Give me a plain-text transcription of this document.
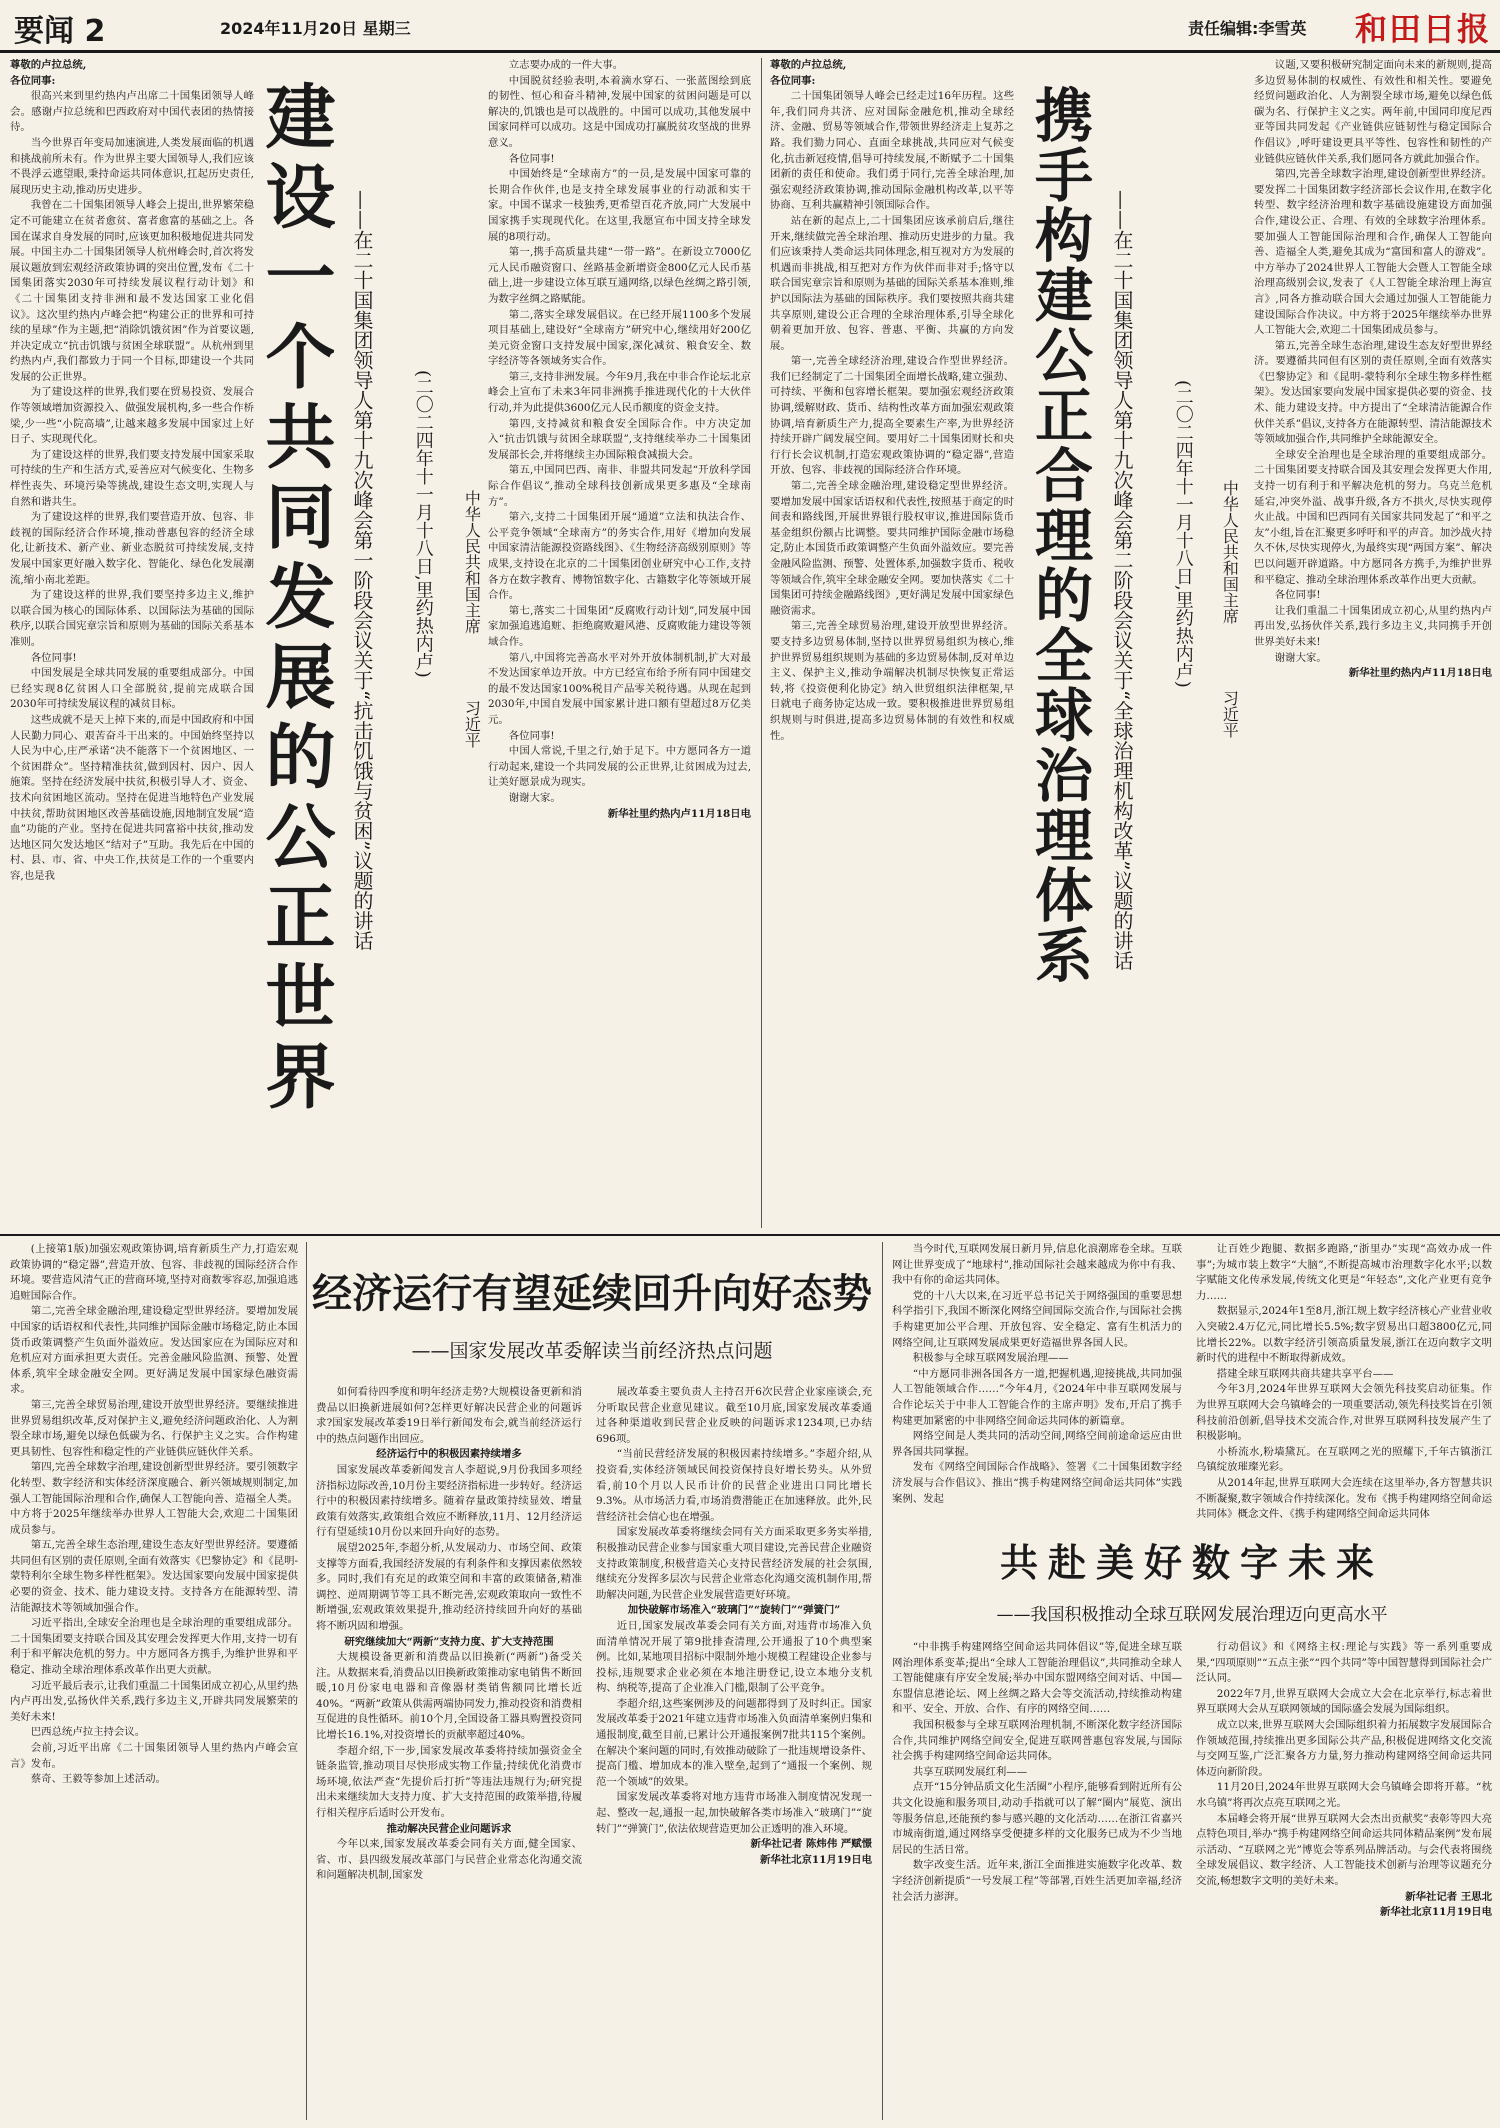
要闻 2	2024年11月20日 星期三	责任编辑:李雪英 和田日报
建设一个共同发展的公正世界 ——在二十国集团领导人第十九次峰会第一阶段会议关于“抗击饥饿与贫困”议题的讲话 (二〇二四年十一月十八日,里约热内卢) 中华人民共和国主席
习近平

尊敬的卢拉总统,

各位同事:

很高兴来到里约热内卢出席二十国集团领导人峰会。感谢卢拉总统和巴西政府对中国代表团的热情接待。

当今世界百年变局加速演进,人类发展面临的机遇和挑战前所未有。作为世界主要大国领导人,我们应该不畏浮云遮望眼,秉持命运共同体意识,扛起历史责任,展现历史主动,推动历史进步。

我曾在二十国集团领导人峰会上提出,世界繁荣稳定不可能建立在贫者愈贫、富者愈富的基础之上。各国在谋求自身发展的同时,应该更加积极地促进共同发展。中国主办二十国集团领导人杭州峰会时,首次将发展议题放到宏观经济政策协调的突出位置,发布《二十国集团落实2030年可持续发展议程行动计划》和《二十国集团支持非洲和最不发达国家工业化倡议》。这次里约热内卢峰会把“构建公正的世界和可持续的星球”作为主题,把“消除饥饿贫困”作为首要议题,并决定成立“抗击饥饿与贫困全球联盟”。从杭州到里约热内卢,我们都致力于同一个目标,即建设一个共同发展的公正世界。

为了建设这样的世界,我们要在贸易投资、发展合作等领域增加资源投入、做强发展机构,多一些合作桥梁,少一些“小院高墙”,让越来越多发展中国家过上好日子、实现现代化。

为了建设这样的世界,我们要支持发展中国家采取可持续的生产和生活方式,妥善应对气候变化、生物多样性丧失、环境污染等挑战,建设生态文明,实现人与自然和谐共生。

为了建设这样的世界,我们要营造开放、包容、非歧视的国际经济合作环境,推动普惠包容的经济全球化,让新技术、新产业、新业态脱贫可持续发展,支持发展中国家更好融入数字化、智能化、绿色化发展潮流,缩小南北差距。

为了建设这样的世界,我们要坚持多边主义,维护以联合国为核心的国际体系、以国际法为基础的国际秩序,以联合国宪章宗旨和原则为基础的国际关系基本准则。

各位同事!

中国发展是全球共同发展的重要组成部分。中国已经实现8亿贫困人口全部脱贫,提前完成联合国2030年可持续发展议程的减贫目标。

这些成就不是天上掉下来的,而是中国政府和中国人民勤力同心、艰苦奋斗干出来的。中国始终坚持以人民为中心,庄严承诺“决不能落下一个贫困地区、一个贫困群众”。坚持精准扶贫,做到因村、因户、因人施策。坚持在经济发展中扶贫,积极引导人才、资金、技术向贫困地区流动。坚持在促进当地特色产业发展中扶贫,帮助贫困地区改善基础设施,因地制宜发展“造血”功能的产业。坚持在促进共同富裕中扶贫,推动发达地区同欠发达地区“结对子”互助。我先后在中国的村、县、市、省、中央工作,扶贫是工作的一个重要内容,也是我

立志要办成的一件大事。

中国脱贫经验表明,本着滴水穿石、一张蓝图绘到底的韧性、恒心和奋斗精神,发展中国家的贫困问题是可以解决的,饥饿也是可以战胜的。中国可以成功,其他发展中国家同样可以成功。这是中国成功打赢脱贫攻坚战的世界意义。

各位同事!

中国始终是“全球南方”的一员,是发展中国家可靠的长期合作伙伴,也是支持全球发展事业的行动派和实干家。中国不谋求一枝独秀,更希望百花齐放,同广大发展中国家携手实现现代化。在这里,我愿宣布中国支持全球发展的8项行动。

第一,携手高质量共建“一带一路”。在新设立7000亿元人民币融资窗口、丝路基金新增资金800亿元人民币基础上,进一步建设立体互联互通网络,以绿色丝绸之路引领,为数字丝绸之路赋能。

第二,落实全球发展倡议。在已经开展1100多个发展项目基础上,建设好“全球南方”研究中心,继续用好200亿美元资金窗口支持发展中国家,深化减贫、粮食安全、数字经济等各领域务实合作。

第三,支持非洲发展。今年9月,我在中非合作论坛北京峰会上宣布了未来3年同非洲携手推进现代化的十大伙伴行动,并为此提供3600亿元人民币额度的资金支持。

第四,支持减贫和粮食安全国际合作。中方决定加入“抗击饥饿与贫困全球联盟”,支持继续举办二十国集团发展部长会,并将继续主办国际粮食减损大会。

第五,中国同巴西、南非、非盟共同发起“开放科学国际合作倡议”,推动全球科技创新成果更多惠及“全球南方”。

第六,支持二十国集团开展“通道”立法和执法合作、公平竞争领域“全球南方”的务实合作,用好《增加向发展中国家清洁能源投资路线图》、《生物经济高级别原则》等成果,支持设在北京的二十国集团创业研究中心工作,支持各方在数字教育、博物馆数字化、古籍数字化等领域开展合作。

第七,落实二十国集团“反腐败行动计划”,同发展中国家加强追逃追赃、拒绝腐败避风港、反腐败能力建设等领域合作。

第八,中国将完善高水平对外开放体制机制,扩大对最不发达国家单边开放。中方已经宣布给予所有同中国建交的最不发达国家100%税目产品零关税待遇。从现在起到2030年,中国自发展中国家累计进口额有望超过8万亿美元。

各位同事!

中国人常说,千里之行,始于足下。中方愿同各方一道行动起来,建设一个共同发展的公正世界,让贫困成为过去,让美好愿景成为现实。

谢谢大家。

新华社里约热内卢11月18日电

尊敬的卢拉总统,

各位同事:

二十国集团领导人峰会已经走过16年历程。这些年,我们同舟共济、应对国际金融危机,推动全球经济、金融、贸易等领域合作,带领世界经济走上复苏之路。我们勠力同心、直面全球挑战,共同应对气候变化,抗击新冠疫情,倡导可持续发展,不断赋予二十国集团新的责任和使命。我们勇于同行,完善全球治理,加强宏观经济政策协调,推动国际金融机构改革,以平等协商、互利共赢精神引领国际合作。

站在新的起点上,二十国集团应该承前启后,继往开来,继续做完善全球治理、推动历史进步的力量。我们应该秉持人类命运共同体理念,相互视对方为发展的机遇而非挑战,相互把对方作为伙伴而非对手;恪守以联合国宪章宗旨和原则为基础的国际关系基本准则,维护以国际法为基础的国际秩序。我们要按照共商共建共享原则,建设公正合理的全球治理体系,引导全球化朝着更加开放、包容、普惠、平衡、共赢的方向发展。

第一,完善全球经济治理,建设合作型世界经济。我们已经制定了二十国集团全面增长战略,建立强劲、可持续、平衡和包容增长框架。要加强宏观经济政策协调,缓解财政、货币、结构性改革方面加强宏观政策协调,培育新质生产力,提高全要素生产率,为世界经济持续开辟广阔发展空间。要用好二十国集团财长和央行行长会议机制,打造宏观政策协调的“稳定器”,营造开放、包容、非歧视的国际经济合作环境。

第二,完善全球金融治理,建设稳定型世界经济。要增加发展中国家话语权和代表性,按照基于商定的时间表和路线图,开展世界银行股权审议,推进国际货币基金组织份额占比调整。要共同维护国际金融市场稳定,防止本国货币政策调整产生负面外溢效应。要完善金融风险监测、预警、处置体系,加强数字货币、税收等领域合作,筑牢全球金融安全网。要加快落实《二十国集团可持续金融路线图》,更好满足发展中国家绿色融资需求。

第三,完善全球贸易治理,建设开放型世界经济。要支持多边贸易体制,坚持以世界贸易组织为核心,维护世界贸易组织规则为基础的多边贸易体制,反对单边主义、保护主义,推动争端解决机制尽快恢复正常运转,将《投资便利化协定》纳入世贸组织法律框架,早日就电子商务协定达成一致。要积极推进世界贸易组织规则与时俱进,提高多边贸易体制的有效性和权威性。	携手构建公正合理的全球治理体系 ——在二十国集团领导人第十九次峰会第二阶段会议关于“全球治理机构改革”议题的讲话 (二〇二四年十一月十八日,里约热内卢) 中华人民共和国主席
习近平

议题,又要积极研究制定面向未来的新规则,提高多边贸易体制的权威性、有效性和相关性。要避免经贸问题政治化、人为割裂全球市场,避免以绿色低碳为名、行保护主义之实。两年前,中国同印度尼西亚等国共同发起《产业链供应链韧性与稳定国际合作倡议》,呼吁建设更具平等性、包容性和韧性的产业链供应链伙伴关系,我们愿同各方就此加强合作。

第四,完善全球数字治理,建设创新型世界经济。要发挥二十国集团数字经济部长会议作用,在数字化转型、数字经济治理和数字基础设施建设方面加强合作,建设公正、合理、有效的全球数字治理体系。要加强人工智能国际治理和合作,确保人工智能向善、造福全人类,避免其成为“富国和富人的游戏”。中方举办了2024世界人工智能大会暨人工智能全球治理高级别会议,发表了《人工智能全球治理上海宣言》,同各方推动联合国大会通过加强人工智能能力建设国际合作决议。中方将于2025年继续举办世界人工智能大会,欢迎二十国集团成员参与。

第五,完善全球生态治理,建设生态友好型世界经济。要遵循共同但有区别的责任原则,全面有效落实《巴黎协定》和《昆明-蒙特利尔全球生物多样性框架》。发达国家要向发展中国家提供必要的资金、技术、能力建设支持。中方提出了“全球清洁能源合作伙伴关系”倡议,支持各方在能源转型、清洁能源技术等领域加强合作,共同维护全球能源安全。

全球安全治理也是全球治理的重要组成部分。二十国集团要支持联合国及其安理会发挥更大作用,支持一切有利于和平解决危机的努力。乌克兰危机延宕,冲突外溢、战事升级,各方不拱火,尽快实现停火止战。中国和巴西同有关国家共同发起了“和平之友”小组,旨在汇聚更多呼吁和平的声音。加沙战火持久不休,尽快实现停火,为最终实现“两国方案”、解决巴以问题开辟道路。中方愿同各方携手,为维护世界和平稳定、推动全球治理体系改革作出更大贡献。

各位同事!

让我们重温二十国集团成立初心,从里约热内卢再出发,弘扬伙伴关系,践行多边主义,共同携手开创世界美好未来!

谢谢大家。

新华社里约热内卢11月18日电

(上接第1版)加强宏观政策协调,培育新质生产力,打造宏观政策协调的“稳定器”,营造开放、包容、非歧视的国际经济合作环境。要营造风清气正的营商环境,坚持对商数零容忍,加强追逃追赃国际合作。

第二,完善全球金融治理,建设稳定型世界经济。要增加发展中国家的话语权和代表性,共同维护国际金融市场稳定,防止本国货币政策调整产生负面外溢效应。发达国家应在为国际应对和危机应对方面承担更大责任。完善金融风险监测、预警、处置体系,筑牢全球金融安全网。更好满足发展中国家绿色融资需求。

第三,完善全球贸易治理,建设开放型世界经济。要继续推进世界贸易组织改革,反对保护主义,避免经济问题政治化、人为割裂全球市场,避免以绿色低碳为名、行保护主义之实。合作构建更具韧性、包容性和稳定性的产业链供应链伙伴关系。

第四,完善全球数字治理,建设创新型世界经济。要引领数字化转型、数字经济和实体经济深度融合、新兴领域规则制定,加强人工智能国际治理和合作,确保人工智能向善、造福全人类。中方将于2025年继续举办世界人工智能大会,欢迎二十国集团成员参与。

第五,完善全球生态治理,建设生态友好型世界经济。要遵循共同但有区别的责任原则,全面有效落实《巴黎协定》和《昆明-蒙特利尔全球生物多样性框架》。发达国家要向发展中国家提供必要的资金、技术、能力建设支持。支持各方在能源转型、清洁能源技术等领域加强合作。

习近平指出,全球安全治理也是全球治理的重要组成部分。二十国集团要支持联合国及其安理会发挥更大作用,支持一切有利于和平解决危机的努力。中方愿同各方携手,为维护世界和平稳定、推动全球治理体系改革作出更大贡献。

习近平最后表示,让我们重温二十国集团成立初心,从里约热内卢再出发,弘扬伙伴关系,践行多边主义,开辟共同发展繁荣的美好未来!

巴西总统卢拉主持会议。

会前,习近平出席《二十国集团领导人里约热内卢峰会宣言》发布。

蔡奇、王毅等参加上述活动。

经济运行有望延续回升向好态势
——国家发展改革委解读当前经济热点问题

如何看待四季度和明年经济走势?大规模设备更新和消费品以旧换新进展如何?怎样更好解决民营企业的问题诉求?国家发展改革委19日举行新闻发布会,就当前经济运行中的热点问题作出回应。

经济运行中的积极因素持续增多

国家发展改革委新闻发言人李超说,9月份我国多项经济指标边际改善,10月份主要经济指标进一步转好。经济运行中的积极因素持续增多。随着存量政策持续显效、增量政策有效落实,政策组合效应不断释放,11月、12月经济运行有望延续10月份以来回升向好的态势。

展望2025年,李超分析,从发展动力、市场空间、政策支撑等方面看,我国经济发展的有利条件和支撑因素依然较多。同时,我们有充足的政策空间和丰富的政策储备,精准调控、逆周期调节等工具不断完善,宏观政策取向一致性不断增强,宏观政策效果提升,推动经济持续回升向好的基础将不断巩固和增强。

研究继续加大“两新”支持力度、扩大支持范围

大规模设备更新和消费品以旧换新(“两新”)备受关注。从数据来看,消费品以旧换新政策推动家电销售不断回暖,10月份家电电器和音像器材类销售额同比增长近40%。“两新”政策从供需两端协同发力,推动投资和消费相互促进的良性循环。前10个月,全国设备工器具购置投资同比增长16.1%,对投资增长的贡献率超过40%。

李超介绍,下一步,国家发展改革委将持续加强资金全链条监管,推动项目尽快形成实物工作量;持续优化消费市场环境,依法严查“先提价后打折”等违法违规行为;研究提出未来继续加大支持力度、扩大支持范围的政策举措,待履行相关程序后适时公开发布。

推动解决民营企业问题诉求

今年以来,国家发展改革委会同有关方面,健全国家、省、市、县四级发展改革部门与民营企业常态化沟通交流和问题解决机制,国家发

展改革委主要负责人主持召开6次民营企业家座谈会,充分听取民营企业意见建议。截至10月底,国家发展改革委通过各种渠道收到民营企业反映的问题诉求1234项,已办结696项。

“当前民营经济发展的积极因素持续增多。”李超介绍,从投资看,实体经济领域民间投资保持良好增长势头。从外贸看,前10个月以人民币计价的民营企业进出口同比增长9.3%。从市场活力看,市场消费潜能正在加速释放。此外,民营经济社会信心也在增强。

国家发展改革委将继续会同有关方面采取更多务实举措,积极推动民营企业参与国家重大项目建设,完善民营企业融资支持政策制度,积极营造关心支持民营经济发展的社会氛围,继续充分发挥多层次与民营企业常态化沟通交流机制作用,帮助解决问题,为民营企业发展营造更好环境。

加快破解市场准入“玻璃门”“旋转门”“弹簧门”

近日,国家发展改革委会同有关方面,对违背市场准入负面清单情况开展了第9批排查清理,公开通报了10个典型案例。比如,某地项目招标中限制外地小规模工程建设企业参与投标,违规要求企业必须在本地注册登记,设立本地分支机构、纳税等,提高了企业准入门槛,限制了公平竞争。

李超介绍,这些案例涉及的问题都得到了及时纠正。国家发展改革委于2021年建立违背市场准入负面清单案例归集和通报制度,截至目前,已累计公开通报案例7批共115个案例。在解决个案问题的同时,有效推动破除了一批违规增设条件、提高门槛、增加成本的准入壁垒,起到了“通报一个案例、规范一个领域”的效果。

国家发展改革委将对地方违背市场准入制度情况发现一起、整改一起,通报一起,加快破解各类市场准入“玻璃门”“旋转门”“弹簧门”,依法依规营造更加公正透明的准入环境。

新华社记者 陈炜伟 严赋憬

新华社北京11月19日电

当今时代,互联网发展日新月异,信息化浪潮席卷全球。互联网让世界变成了“地球村”,推动国际社会越来越成为你中有我、我中有你的命运共同体。

党的十八大以来,在习近平总书记关于网络强国的重要思想科学指引下,我国不断深化网络空间国际交流合作,与国际社会携手构建更加公平合理、开放包容、安全稳定、富有生机活力的网络空间,让互联网发展成果更好造福世界各国人民。

积极参与全球互联网发展治理——

“中方愿同非洲各国各方一道,把握机遇,迎接挑战,共同加强人工智能领域合作……”今年4月,《2024年中非互联网发展与合作论坛关于中非人工智能合作的主席声明》发布,开启了携手构建更加紧密的中非网络空间命运共同体的新篇章。

网络空间是人类共同的活动空间,网络空间前途命运应由世界各国共同掌握。

发布《网络空间国际合作战略》、签署《二十国集团数字经济发展与合作倡议》、推出“携手构建网络空间命运共同体”实践案例、发起

让百姓少跑腿、数据多跑路,“浙里办”实现“高效办成一件事”;为城市装上数字“大脑”,不断提高城市治理数字化水平;以数字赋能文化传承发展,传统文化更是“年轻态”,文化产业更有竞争力……

数据显示,2024年1至8月,浙江规上数字经济核心产业营业收入突破2.4万亿元,同比增长5.5%;数字贸易出口超3800亿元,同比增长22%。以数字经济引领高质量发展,浙江在迈向数字文明新时代的进程中不断取得新成效。

搭建全球互联网共商共建共享平台——

今年3月,2024年世界互联网大会领先科技奖启动征集。作为世界互联网大会乌镇峰会的一项重要活动,领先科技奖旨在引领科技前沿创新,倡导技术交流合作,对世界互联网科技发展产生了积极影响。

小桥流水,粉墙黛瓦。在互联网之光的照耀下,千年古镇浙江乌镇绽放璀璨光彩。

从2014年起,世界互联网大会连续在这里举办,各方智慧共识不断凝聚,数字领域合作持续深化。发布《携手构建网络空间命运共同体》概念文件、《携手构建网络空间命运共同体

共赴美好数字未来
——我国积极推动全球互联网发展治理迈向更高水平

“中非携手构建网络空间命运共同体倡议”等,促进全球互联网治理体系变革;提出“全球人工智能治理倡议”,共同推动全球人工智能健康有序安全发展;举办中国东盟网络空间对话、中国—东盟信息港论坛、网上丝绸之路大会等交流活动,持续推动构建和平、安全、开放、合作、有序的网络空间……

我国积极参与全球互联网治理机制,不断深化数字经济国际合作,共同维护网络空间安全,促进互联网普惠包容发展,与国际社会携手构建网络空间命运共同体。

共享互联网发展红利——

点开“15分钟品质文化生活圈”小程序,能够看到附近所有公共文化设施和服务项目,动动手指就可以了解“圈内”展览、演出等服务信息,还能预约参与感兴趣的文化活动……在浙江省嘉兴市城南街道,通过网络享受便捷多样的文化服务已成为不少当地居民的生活日常。

数字改变生活。近年来,浙江全面推进实施数字化改革、数字经济创新提质“一号发展工程”等部署,百姓生活更加幸福,经济社会活力澎湃。

行动倡议》和《网络主权:理论与实践》等一系列重要成果,“四项原则”“五点主张”“四个共同”等中国智慧得到国际社会广泛认同。

2022年7月,世界互联网大会成立大会在北京举行,标志着世界互联网大会从互联网领域的国际盛会发展为国际组织。

成立以来,世界互联网大会国际组织着力拓展数字发展国际合作领域范围,持续推出更多国际公共产品,积极促进网络文化交流与交网互鉴,广泛汇聚各方力量,努力推动构建网络空间命运共同体迈向新阶段。

11月20日,2024年世界互联网大会乌镇峰会即将开幕。“枕水乌镇”将再次点亮互联网之光。

本届峰会将开展“世界互联网大会杰出贡献奖”表彰等四大亮点特色项目,举办“携手构建网络空间命运共同体精品案例”发布展示活动、“互联网之光”博览会等系列品牌活动。与会代表将围绕全球发展倡议、数字经济、人工智能技术创新与治理等议题充分交流,畅想数字文明的美好未来。

新华社记者 王思北

新华社北京11月19日电
